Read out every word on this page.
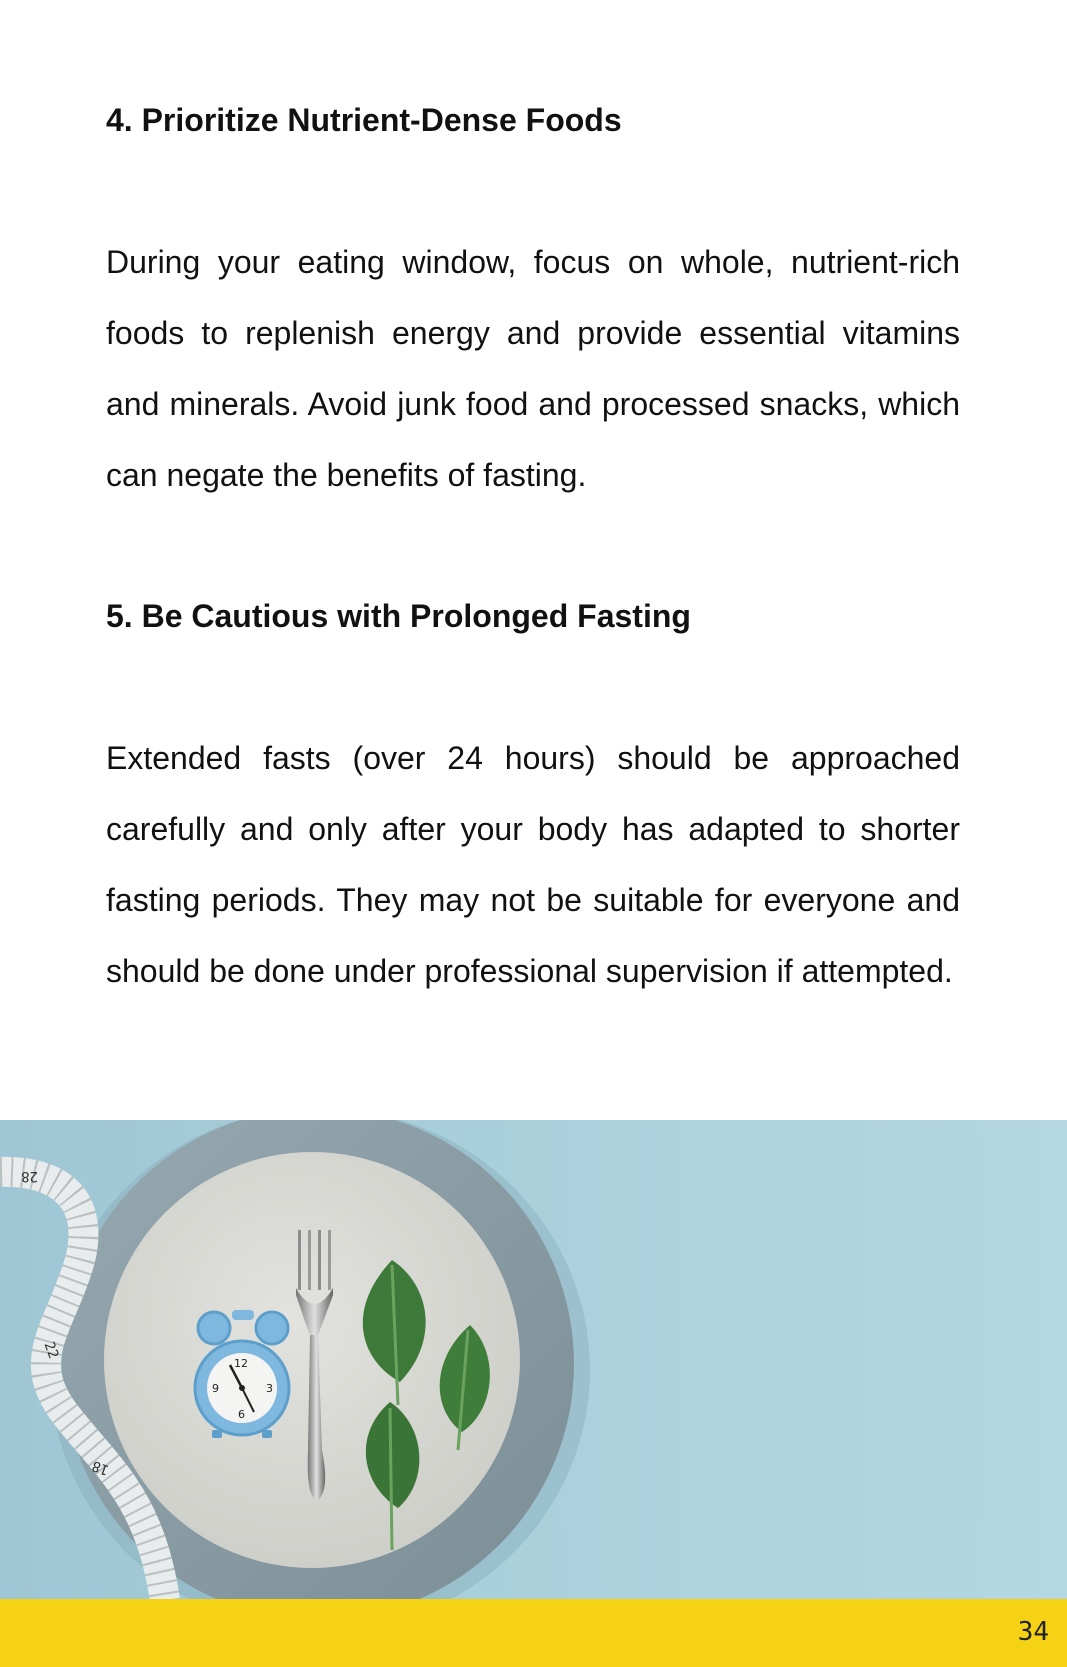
4. Prioritize Nutrient-Dense Foods

During your eating window, focus on whole, nutrient-rich foods to replenish energy and provide essential vitamins and minerals. Avoid junk food and processed snacks, which can negate the benefits of fasting.

5. Be Cautious with Prolonged Fasting

Extended fasts (over 24 hours) should be approached carefully and only after your body has adapted to shorter fasting periods. They may not be suitable for everyone and should be done under professional supervision if attempted.

28
22
18
12
3
6
9
34
